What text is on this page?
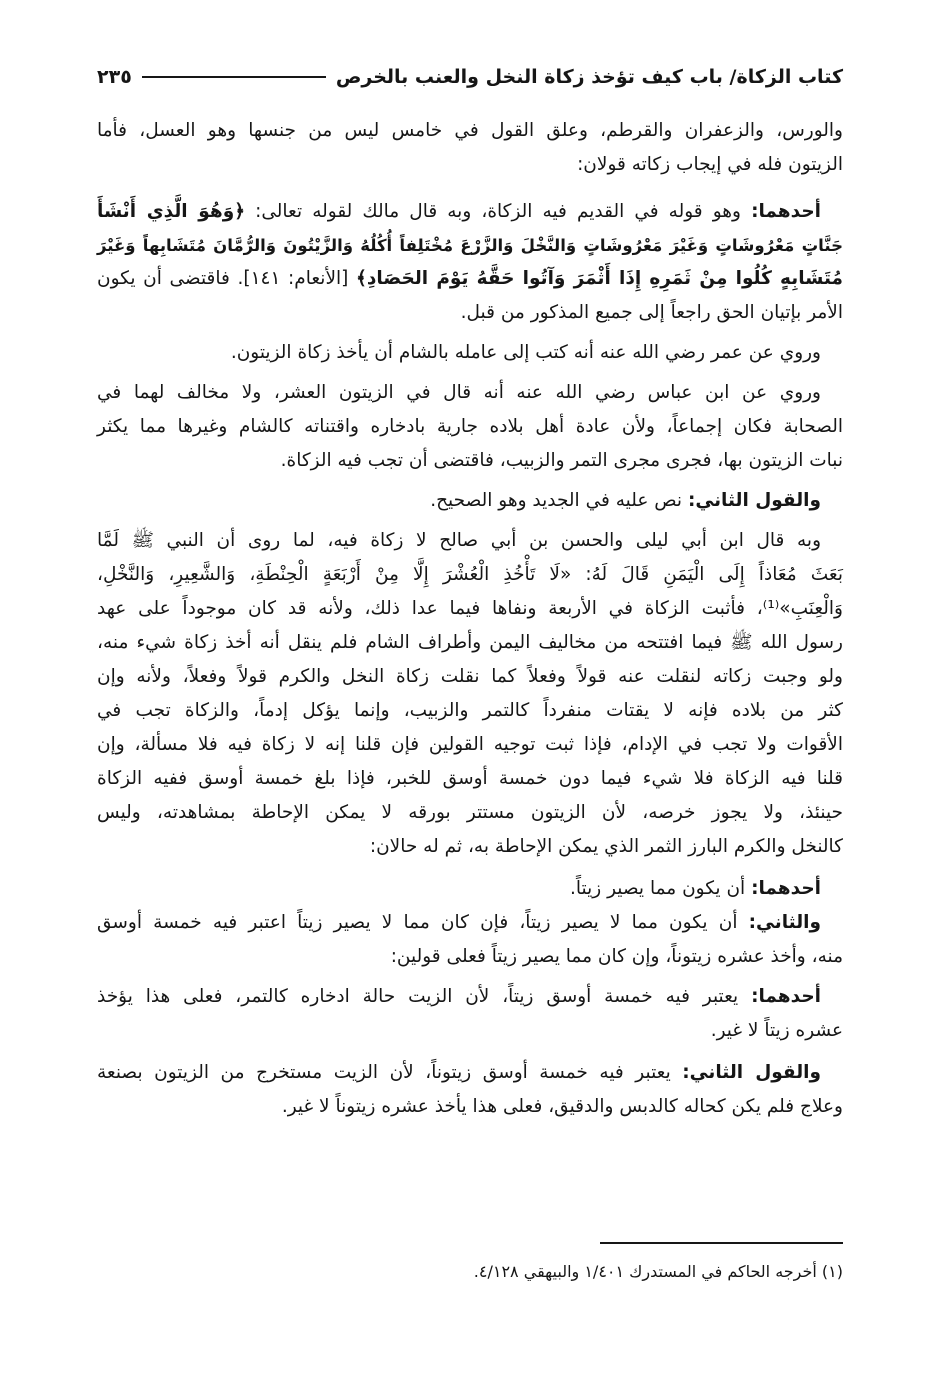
كتاب الزكاة/ باب كيف تؤخذ زكاة النخل والعنب بالخرص
٢٣٥
والورس، والزعفران والقرطم، وعلق القول في خامس ليس من جنسها وهو العسل، فأما
الزيتون فله في إيجاب زكاته قولان:
أحدهما: وهو قوله في القديم فيه الزكاة، وبه قال مالك لقوله تعالى: ﴿وَهُوَ الَّذِي أَنْشَأَ
جَنَّاتٍ مَعْرُوشَاتٍ وَغَيْرَ مَعْرُوشَاتٍ وَالنَّخْلَ وَالزَّرْعَ مُخْتَلِفاً أُكُلُهُ وَالزَّيْتُونَ وَالرُّمَّانَ مُتَشَابِهاً وَغَيْرَ
مُتَشَابِهٍ كُلُوا مِنْ ثَمَرِهِ إِذَا أَثْمَرَ وَآتُوا حَقَّهُ يَوْمَ الحَصَادِ﴾ [الأنعام: ١٤١]. فاقتضى أن يكون
الأمر بإتيان الحق راجعاً إلى جميع المذكور من قبل.
وروي عن عمر رضي الله عنه أنه كتب إلى عامله بالشام أن يأخذ زكاة الزيتون.
وروي عن ابن عباس رضي الله عنه أنه قال في الزيتون العشر، ولا مخالف لهما في
الصحابة فكان إجماعاً، ولأن عادة أهل بلاده جارية بادخاره واقتناته كالشام وغيرها مما يكثر
نبات الزيتون بها، فجرى مجرى التمر والزبيب، فاقتضى أن تجب فيه الزكاة.
والقول الثاني: نص عليه في الجديد وهو الصحيح.
وبه قال ابن أبي ليلى والحسن بن أبي صالح لا زكاة فيه، لما روى أن النبي ﷺ لَمَّا
بَعَثَ مُعَاذاً إِلَى الْيَمَنِ قَالَ لَهُ: «لَا تَأْخُذِ الْعُشْرَ إِلَّا مِنْ أَرْبَعَةٍ الْحِنْطَةِ، وَالشَّعِيرِ، وَالنَّخْلِ،
وَالْعِنَبِ»⁽¹⁾، فأثبت الزكاة في الأربعة ونفاها فيما عدا ذلك، ولأنه قد كان موجوداً على عهد
رسول الله ﷺ فيما افتتحه من مخاليف اليمن وأطراف الشام فلم ينقل أنه أخذ زكاة شيء منه،
ولو وجبت زكاته لنقلت عنه قولاً وفعلاً كما نقلت زكاة النخل والكرم قولاً وفعلاً، ولأنه وإن
كثر من بلاده فإنه لا يقتات منفرداً كالتمر والزبيب، وإنما يؤكل إدماً، والزكاة تجب في
الأقوات ولا تجب في الإدام، فإذا ثبت توجيه القولين فإن قلنا إنه لا زكاة فيه فلا مسألة، وإن
قلنا فيه الزكاة فلا شيء فيما دون خمسة أوسق للخبر، فإذا بلغ خمسة أوسق ففيه الزكاة
حينئذ، ولا يجوز خرصه، لأن الزيتون مستتر بورقه لا يمكن الإحاطة بمشاهدته، وليس
كالنخل والكرم البارز الثمر الذي يمكن الإحاطة به، ثم له حالان:
أحدهما: أن يكون مما يصير زيتاً.
والثاني: أن يكون مما لا يصير زيتاً، فإن كان مما لا يصير زيتاً اعتبر فيه خمسة أوسق
منه، وأخذ عشره زيتوناً، وإن كان مما يصير زيتاً فعلى قولين:
أحدهما: يعتبر فيه خمسة أوسق زيتاً، لأن الزيت حالة ادخاره كالتمر، فعلى هذا يؤخذ
عشره زيتاً لا غير.
والقول الثاني: يعتبر فيه خمسة أوسق زيتوناً، لأن الزيت مستخرج من الزيتون بصنعة
وعلاج فلم يكن كحاله كالدبس والدقيق، فعلى هذا يأخذ عشره زيتوناً لا غير.
(١) أخرجه الحاكم في المستدرك ١/٤٠١ والبيهقي ٤/١٢٨.
